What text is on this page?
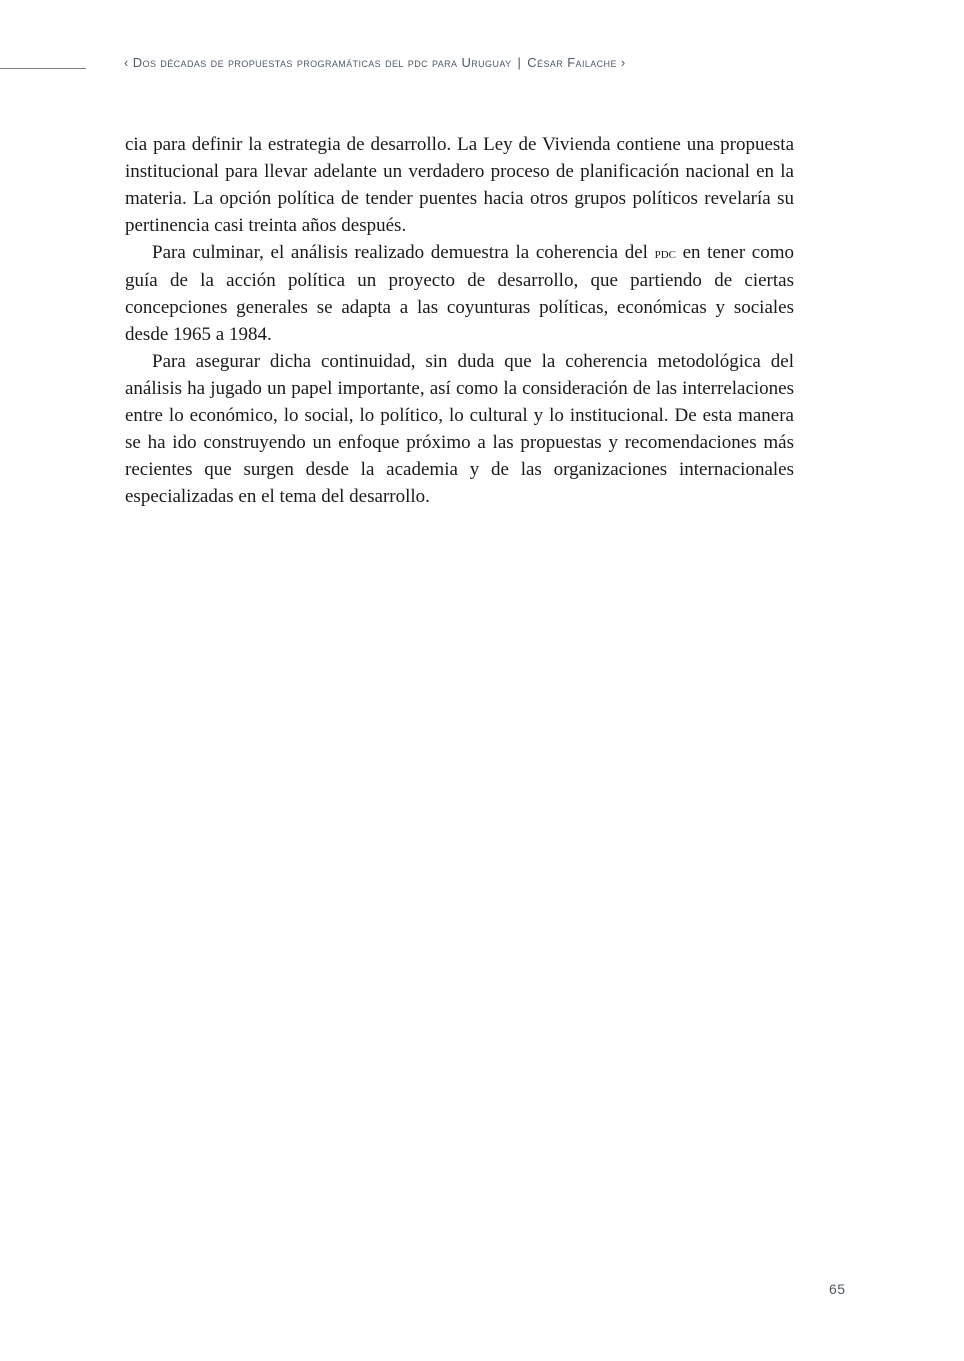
‹ Dos décadas de propuestas programáticas del pdc para Uruguay | César Failache ›

cia para definir la estrategia de desarrollo. La Ley de Vivienda contiene una propuesta institucional para llevar adelante un verdadero proceso de planificación nacional en la materia. La opción política de tender puentes hacia otros grupos políticos revelaría su pertinencia casi treinta años después.

Para culminar, el análisis realizado demuestra la coherencia del pdc en tener como guía de la acción política un proyecto de desarrollo, que partiendo de ciertas concepciones generales se adapta a las coyunturas políticas, económicas y sociales desde 1965 a 1984.

Para asegurar dicha continuidad, sin duda que la coherencia metodológica del análisis ha jugado un papel importante, así como la consideración de las interrelaciones entre lo económico, lo social, lo político, lo cultural y lo institucional. De esta manera se ha ido construyendo un enfoque próximo a las propuestas y recomendaciones más recientes que surgen desde la academia y de las organizaciones internacionales especializadas en el tema del desarrollo.

65
